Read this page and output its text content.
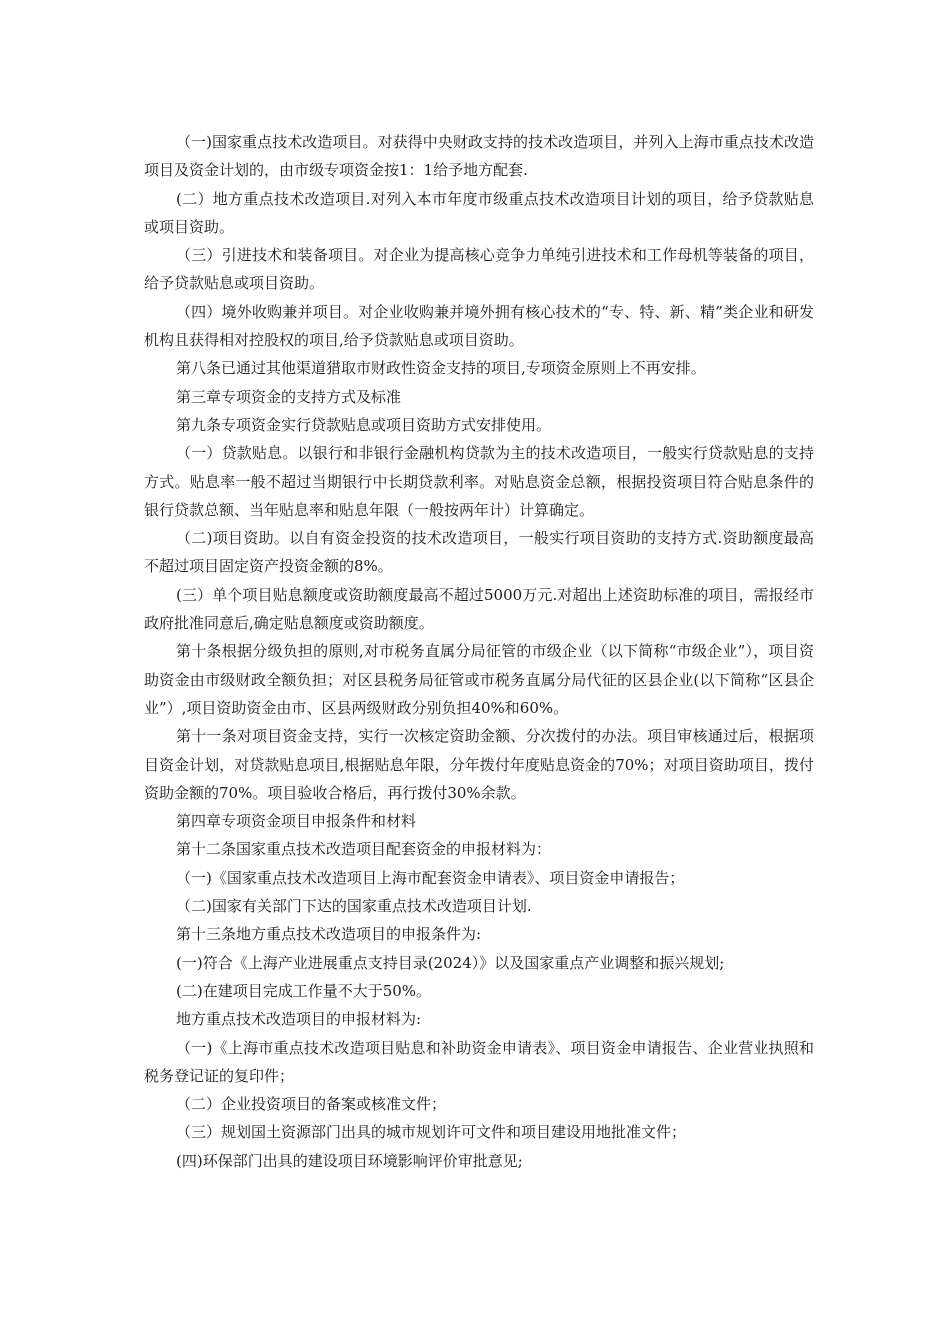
（一)国家重点技术改造项目。对获得中央财政支持的技术改造项目，并列入上海市重点技术改造项目及资金计划的，由市级专项资金按1：1给予地方配套.

(二）地方重点技术改造项目.对列入本市年度市级重点技术改造项目计划的项目，给予贷款贴息或项目资助。

（三）引进技术和装备项目。对企业为提高核心竞争力单纯引进技术和工作母机等装备的项目，给予贷款贴息或项目资助。

（四）境外收购兼并项目。对企业收购兼并境外拥有核心技术的“专、特、新、精”类企业和研发机构且获得相对控股权的项目,给予贷款贴息或项目资助。

第八条已通过其他渠道猎取市财政性资金支持的项目,专项资金原则上不再安排。

第三章专项资金的支持方式及标准

第九条专项资金实行贷款贴息或项目资助方式安排使用。

（一）贷款贴息。以银行和非银行金融机构贷款为主的技术改造项目，一般实行贷款贴息的支持方式。贴息率一般不超过当期银行中长期贷款利率。对贴息资金总额，根据投资项目符合贴息条件的银行贷款总额、当年贴息率和贴息年限（一般按两年计）计算确定。

（二)项目资助。以自有资金投资的技术改造项目，一般实行项目资助的支持方式.资助额度最高不超过项目固定资产投资金额的8%。

(三）单个项目贴息额度或资助额度最高不超过5000万元.对超出上述资助标准的项目，需报经市政府批准同意后,确定贴息额度或资助额度。

第十条根据分级负担的原则,对市税务直属分局征管的市级企业（以下简称“市级企业”），项目资助资金由市级财政全额负担；对区县税务局征管或市税务直属分局代征的区县企业(以下简称“区县企业”）,项目资助资金由市、区县两级财政分别负担40%和60%。

第十一条对项目资金支持，实行一次核定资助金额、分次拨付的办法。项目审核通过后，根据项目资金计划，对贷款贴息项目,根据贴息年限，分年拨付年度贴息资金的70%；对项目资助项目，拨付资助金额的70%。项目验收合格后，再行拨付30%余款。

第四章专项资金项目申报条件和材料

第十二条国家重点技术改造项目配套资金的申报材料为：

（一)《国家重点技术改造项目上海市配套资金申请表》、项目资金申请报告；

（二)国家有关部门下达的国家重点技术改造项目计划.

第十三条地方重点技术改造项目的申报条件为:

(一)符合《上海产业进展重点支持目录(2024）》以及国家重点产业调整和振兴规划;

(二)在建项目完成工作量不大于50%。

地方重点技术改造项目的申报材料为:

（一)《上海市重点技术改造项目贴息和补助资金申请表》、项目资金申请报告、企业营业执照和税务登记证的复印件；

（二）企业投资项目的备案或核准文件；

（三）规划国土资源部门出具的城市规划许可文件和项目建设用地批准文件；

(四)环保部门出具的建设项目环境影响评价审批意见;
